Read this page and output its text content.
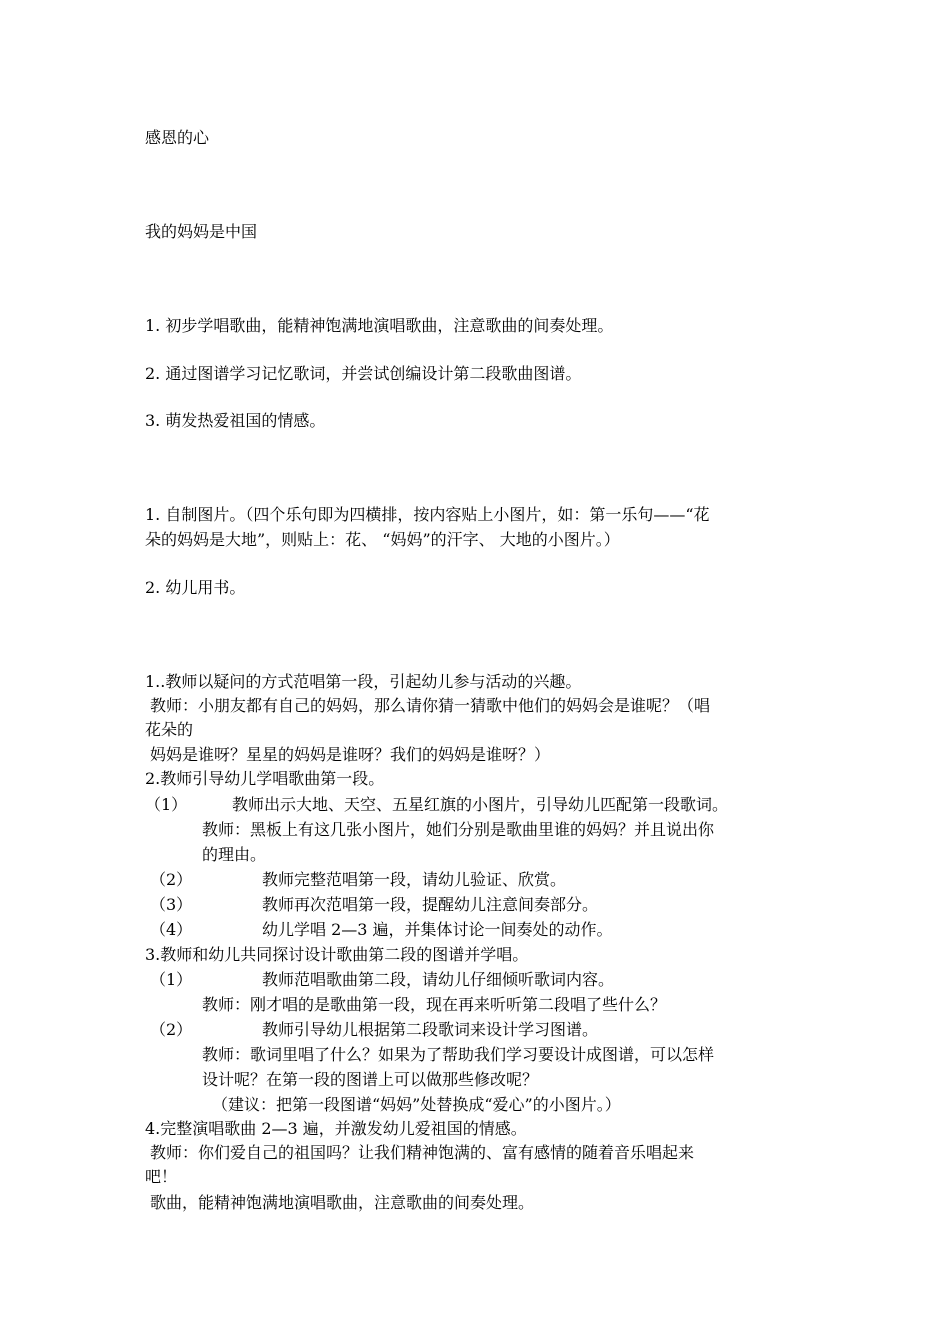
感恩的心

我的妈妈是中国

1. 初步学唱歌曲，能精神饱满地演唱歌曲，注意歌曲的间奏处理。

2. 通过图谱学习记忆歌词，并尝试创编设计第二段歌曲图谱。

3. 萌发热爱祖国的情感。

1. 自制图片。（四个乐句即为四横排，按内容贴上小图片，如：第一乐句——“花

朵的妈妈是大地”，则贴上：花、 “妈妈”的汗字、 大地的小图片。）

2. 幼儿用书。

1..教师以疑问的方式范唱第一段，引起幼儿参与活动的兴趣。

教师：小朋友都有自己的妈妈，那么请你猜一猜歌中他们的妈妈会是谁呢？（唱

花朵的

妈妈是谁呀？星星的妈妈是谁呀？我们的妈妈是谁呀？）

2.教师引导幼儿学唱歌曲第一段。

（1）	教师出示大地、天空、五星红旗的小图片，引导幼儿匹配第一段歌词。

教师：黑板上有这几张小图片，她们分别是歌曲里谁的妈妈？并且说出你

的理由。

（2）	教师完整范唱第一段，请幼儿验证、欣赏。

（3）	教师再次范唱第一段，提醒幼儿注意间奏部分。

（4）	幼儿学唱 2—3 遍，并集体讨论一间奏处的动作。

3.教师和幼儿共同探讨设计歌曲第二段的图谱并学唱。

（1）	教师范唱歌曲第二段，请幼儿仔细倾听歌词内容。

教师：刚才唱的是歌曲第一段，现在再来听听第二段唱了些什么？

（2）	教师引导幼儿根据第二段歌词来设计学习图谱。

教师：歌词里唱了什么？如果为了帮助我们学习要设计成图谱，可以怎样

设计呢？在第一段的图谱上可以做那些修改呢？

（建议：把第一段图谱“妈妈”处替换成“爱心”的小图片。）

4.完整演唱歌曲 2—3 遍，并激发幼儿爱祖国的情感。

教师：你们爱自己的祖国吗？让我们精神饱满的、富有感情的随着音乐唱起来

吧！

歌曲，能精神饱满地演唱歌曲，注意歌曲的间奏处理。
